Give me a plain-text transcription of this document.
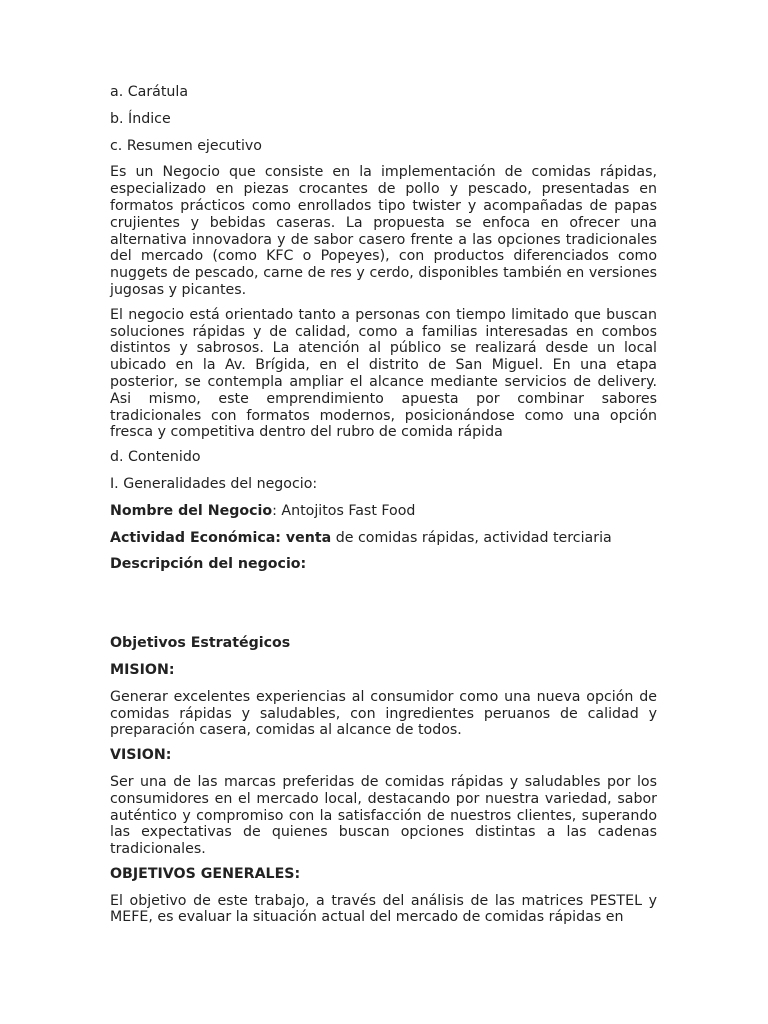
a. Carátula

b. Índice

c. Resumen ejecutivo

Es un Negocio que consiste en la implementación de comidas rápidas, especializado en piezas crocantes de pollo y pescado, presentadas en formatos prácticos como enrollados tipo twister y acompañadas de papas crujientes y bebidas caseras. La propuesta se enfoca en ofrecer una alternativa innovadora y de sabor casero frente a las opciones tradicionales del mercado (como KFC o Popeyes), con productos diferenciados como nuggets de pescado, carne de res y cerdo, disponibles también en versiones jugosas y picantes.

El negocio está orientado tanto a personas con tiempo limitado que buscan soluciones rápidas y de calidad, como a familias interesadas en combos distintos y sabrosos. La atención al público se realizará desde un local ubicado en la Av. Brígida, en el distrito de San Miguel. En una etapa posterior, se contempla ampliar el alcance mediante servicios de delivery. Asi mismo, este emprendimiento apuesta por combinar sabores tradicionales con formatos modernos, posicionándose como una opción fresca y competitiva dentro del rubro de comida rápida

d. Contenido

I. Generalidades del negocio:

Nombre del Negocio: Antojitos Fast Food

Actividad Económica: venta de comidas rápidas, actividad terciaria

Descripción del negocio:

Objetivos Estratégicos

MISION:

Generar excelentes experiencias al consumidor como una nueva opción de comidas rápidas y saludables, con ingredientes peruanos de calidad y preparación casera, comidas al alcance de todos.

VISION:

Ser una de las marcas preferidas de comidas rápidas y saludables por los consumidores en el mercado local, destacando por nuestra variedad, sabor auténtico y compromiso con la satisfacción de nuestros clientes, superando las expectativas de quienes buscan opciones distintas a las cadenas tradicionales.

OBJETIVOS GENERALES:

El objetivo de este trabajo, a través del análisis de las matrices PESTEL y MEFE, es evaluar la situación actual del mercado de comidas rápidas en
